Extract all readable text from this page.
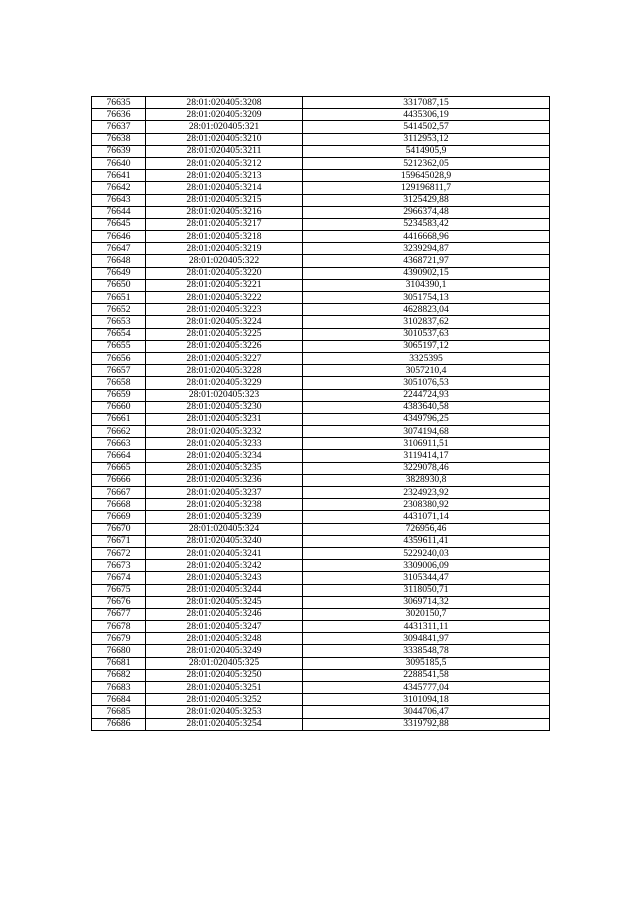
76635	28:01:020405:3208	3317087,15
76636	28:01:020405:3209	4435306,19
76637	28:01:020405:321	5414502,57
76638	28:01:020405:3210	3112953,12
76639	28:01:020405:3211	5414905,9
76640	28:01:020405:3212	5212362,05
76641	28:01:020405:3213	159645028,9
76642	28:01:020405:3214	129196811,7
76643	28:01:020405:3215	3125429,88
76644	28:01:020405:3216	2966374,48
76645	28:01:020405:3217	5234583,42
76646	28:01:020405:3218	4416668,96
76647	28:01:020405:3219	3239294,87
76648	28:01:020405:322	4368721,97
76649	28:01:020405:3220	4390902,15
76650	28:01:020405:3221	3104390,1
76651	28:01:020405:3222	3051754,13
76652	28:01:020405:3223	4628823,04
76653	28:01:020405:3224	3102837,62
76654	28:01:020405:3225	3010537,63
76655	28:01:020405:3226	3065197,12
76656	28:01:020405:3227	3325395
76657	28:01:020405:3228	3057210,4
76658	28:01:020405:3229	3051076,53
76659	28:01:020405:323	2244724,93
76660	28:01:020405:3230	4383640,58
76661	28:01:020405:3231	4349796,25
76662	28:01:020405:3232	3074194,68
76663	28:01:020405:3233	3106911,51
76664	28:01:020405:3234	3119414,17
76665	28:01:020405:3235	3229078,46
76666	28:01:020405:3236	3828930,8
76667	28:01:020405:3237	2324923,92
76668	28:01:020405:3238	2308380,92
76669	28:01:020405:3239	4431071,14
76670	28:01:020405:324	726956,46
76671	28:01:020405:3240	4359611,41
76672	28:01:020405:3241	5229240,03
76673	28:01:020405:3242	3309006,09
76674	28:01:020405:3243	3105344,47
76675	28:01:020405:3244	3118050,71
76676	28:01:020405:3245	3069714,32
76677	28:01:020405:3246	3020150,7
76678	28:01:020405:3247	4431311,11
76679	28:01:020405:3248	3094841,97
76680	28:01:020405:3249	3338548,78
76681	28:01:020405:325	3095185,5
76682	28:01:020405:3250	2288541,58
76683	28:01:020405:3251	4345777,04
76684	28:01:020405:3252	3101094,18
76685	28:01:020405:3253	3044706,47
76686	28:01:020405:3254	3319792,88
